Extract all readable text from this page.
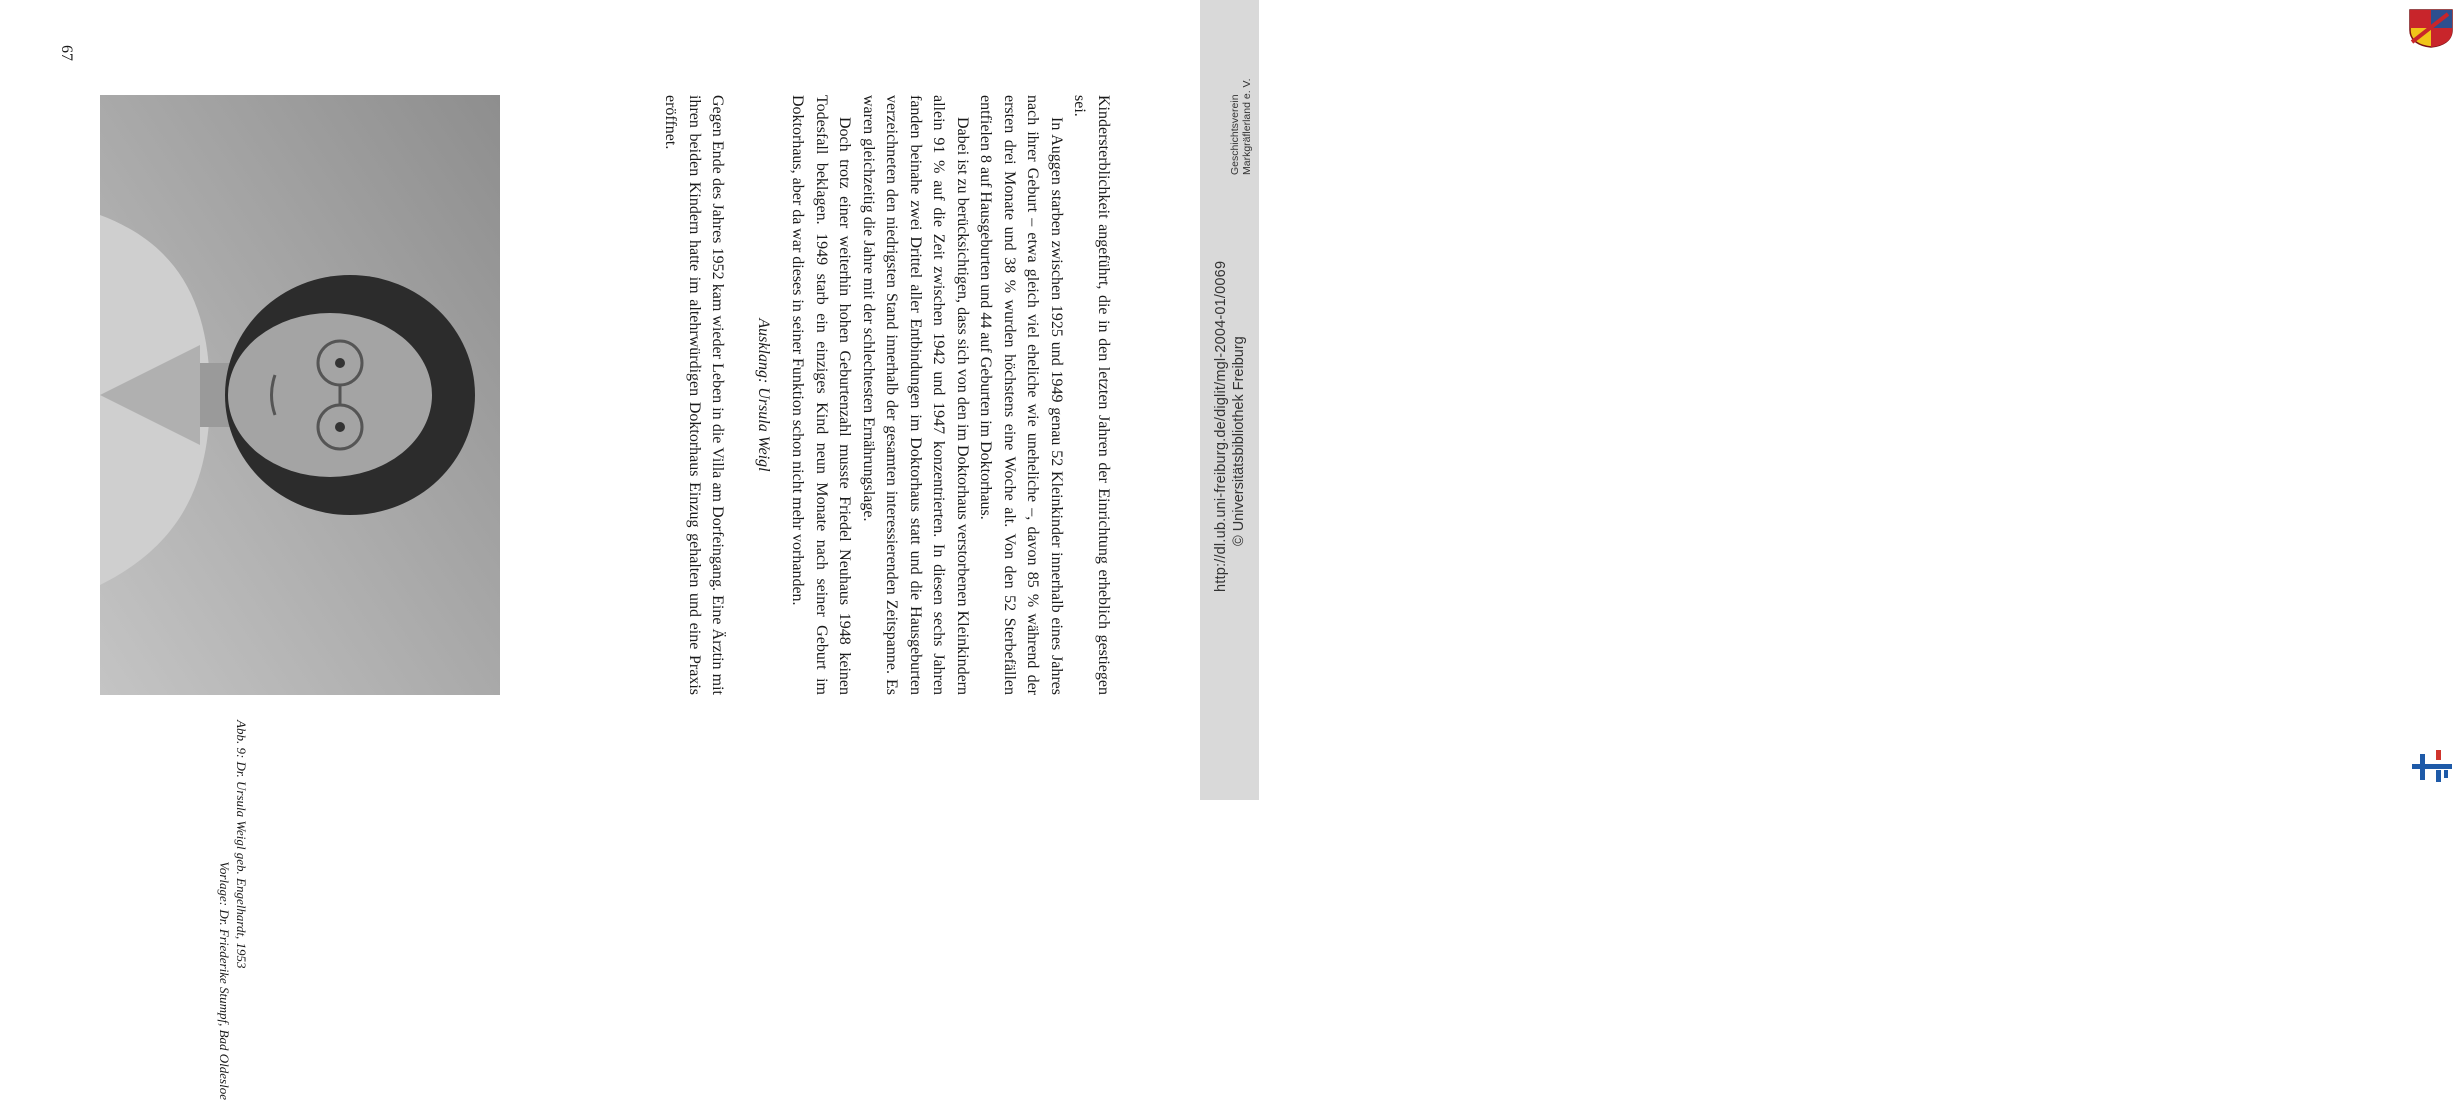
Kindersterblichkeit angeführt, die in den letzten Jahren der Einrichtung erheblich gestiegen sei.

In Auggen starben zwischen 1925 und 1949 genau 52 Kleinkinder innerhalb eines Jahres nach ihrer Geburt – etwa gleich viel eheliche wie uneheliche –, davon 85 % während der ersten drei Monate und 38 % wurden höchstens eine Woche alt. Von den 52 Sterbefällen entfielen 8 auf Hausgeburten und 44 auf Geburten im Doktorhaus.

Dabei ist zu berücksichtigen, dass sich von den im Doktorhaus verstorbenen Kleinkindern allein 91 % auf die Zeit zwischen 1942 und 1947 konzentrierten. In diesen sechs Jahren fanden beinahe zwei Drittel aller Entbindungen im Doktorhaus statt und die Hausgeburten verzeichneten den niedrigsten Stand innerhalb der gesamten interessierenden Zeitspanne. Es waren gleichzeitig die Jahre mit der schlechtesten Ernährungslage.

Doch trotz einer weiterhin hohen Geburtenzahl musste Friedel Neuhaus 1948 keinen Todesfall beklagen. 1949 starb ein einziges Kind neun Monate nach seiner Geburt im Doktorhaus, aber da war dieses in seiner Funktion schon nicht mehr vorhanden.

Ausklang: Ursula Weigl

Gegen Ende des Jahres 1952 kam wieder Leben in die Villa am Dorfeingang. Eine Ärztin mit ihren beiden Kindern hatte im altehrwürdigen Doktorhaus Einzug gehalten und eine Praxis eröffnet.

Abb. 9: Dr. Ursula Weigl geb. Engelhardt, 1953
Vorlage: Dr. Friederike Stumpf, Bad Oldesloe
67
http://dl.ub.uni-freiburg.de/diglit/mgl-2004-01/0069 © Universitätsbibliothek Freiburg
Geschichtsverein Markgräflerland e. V.
